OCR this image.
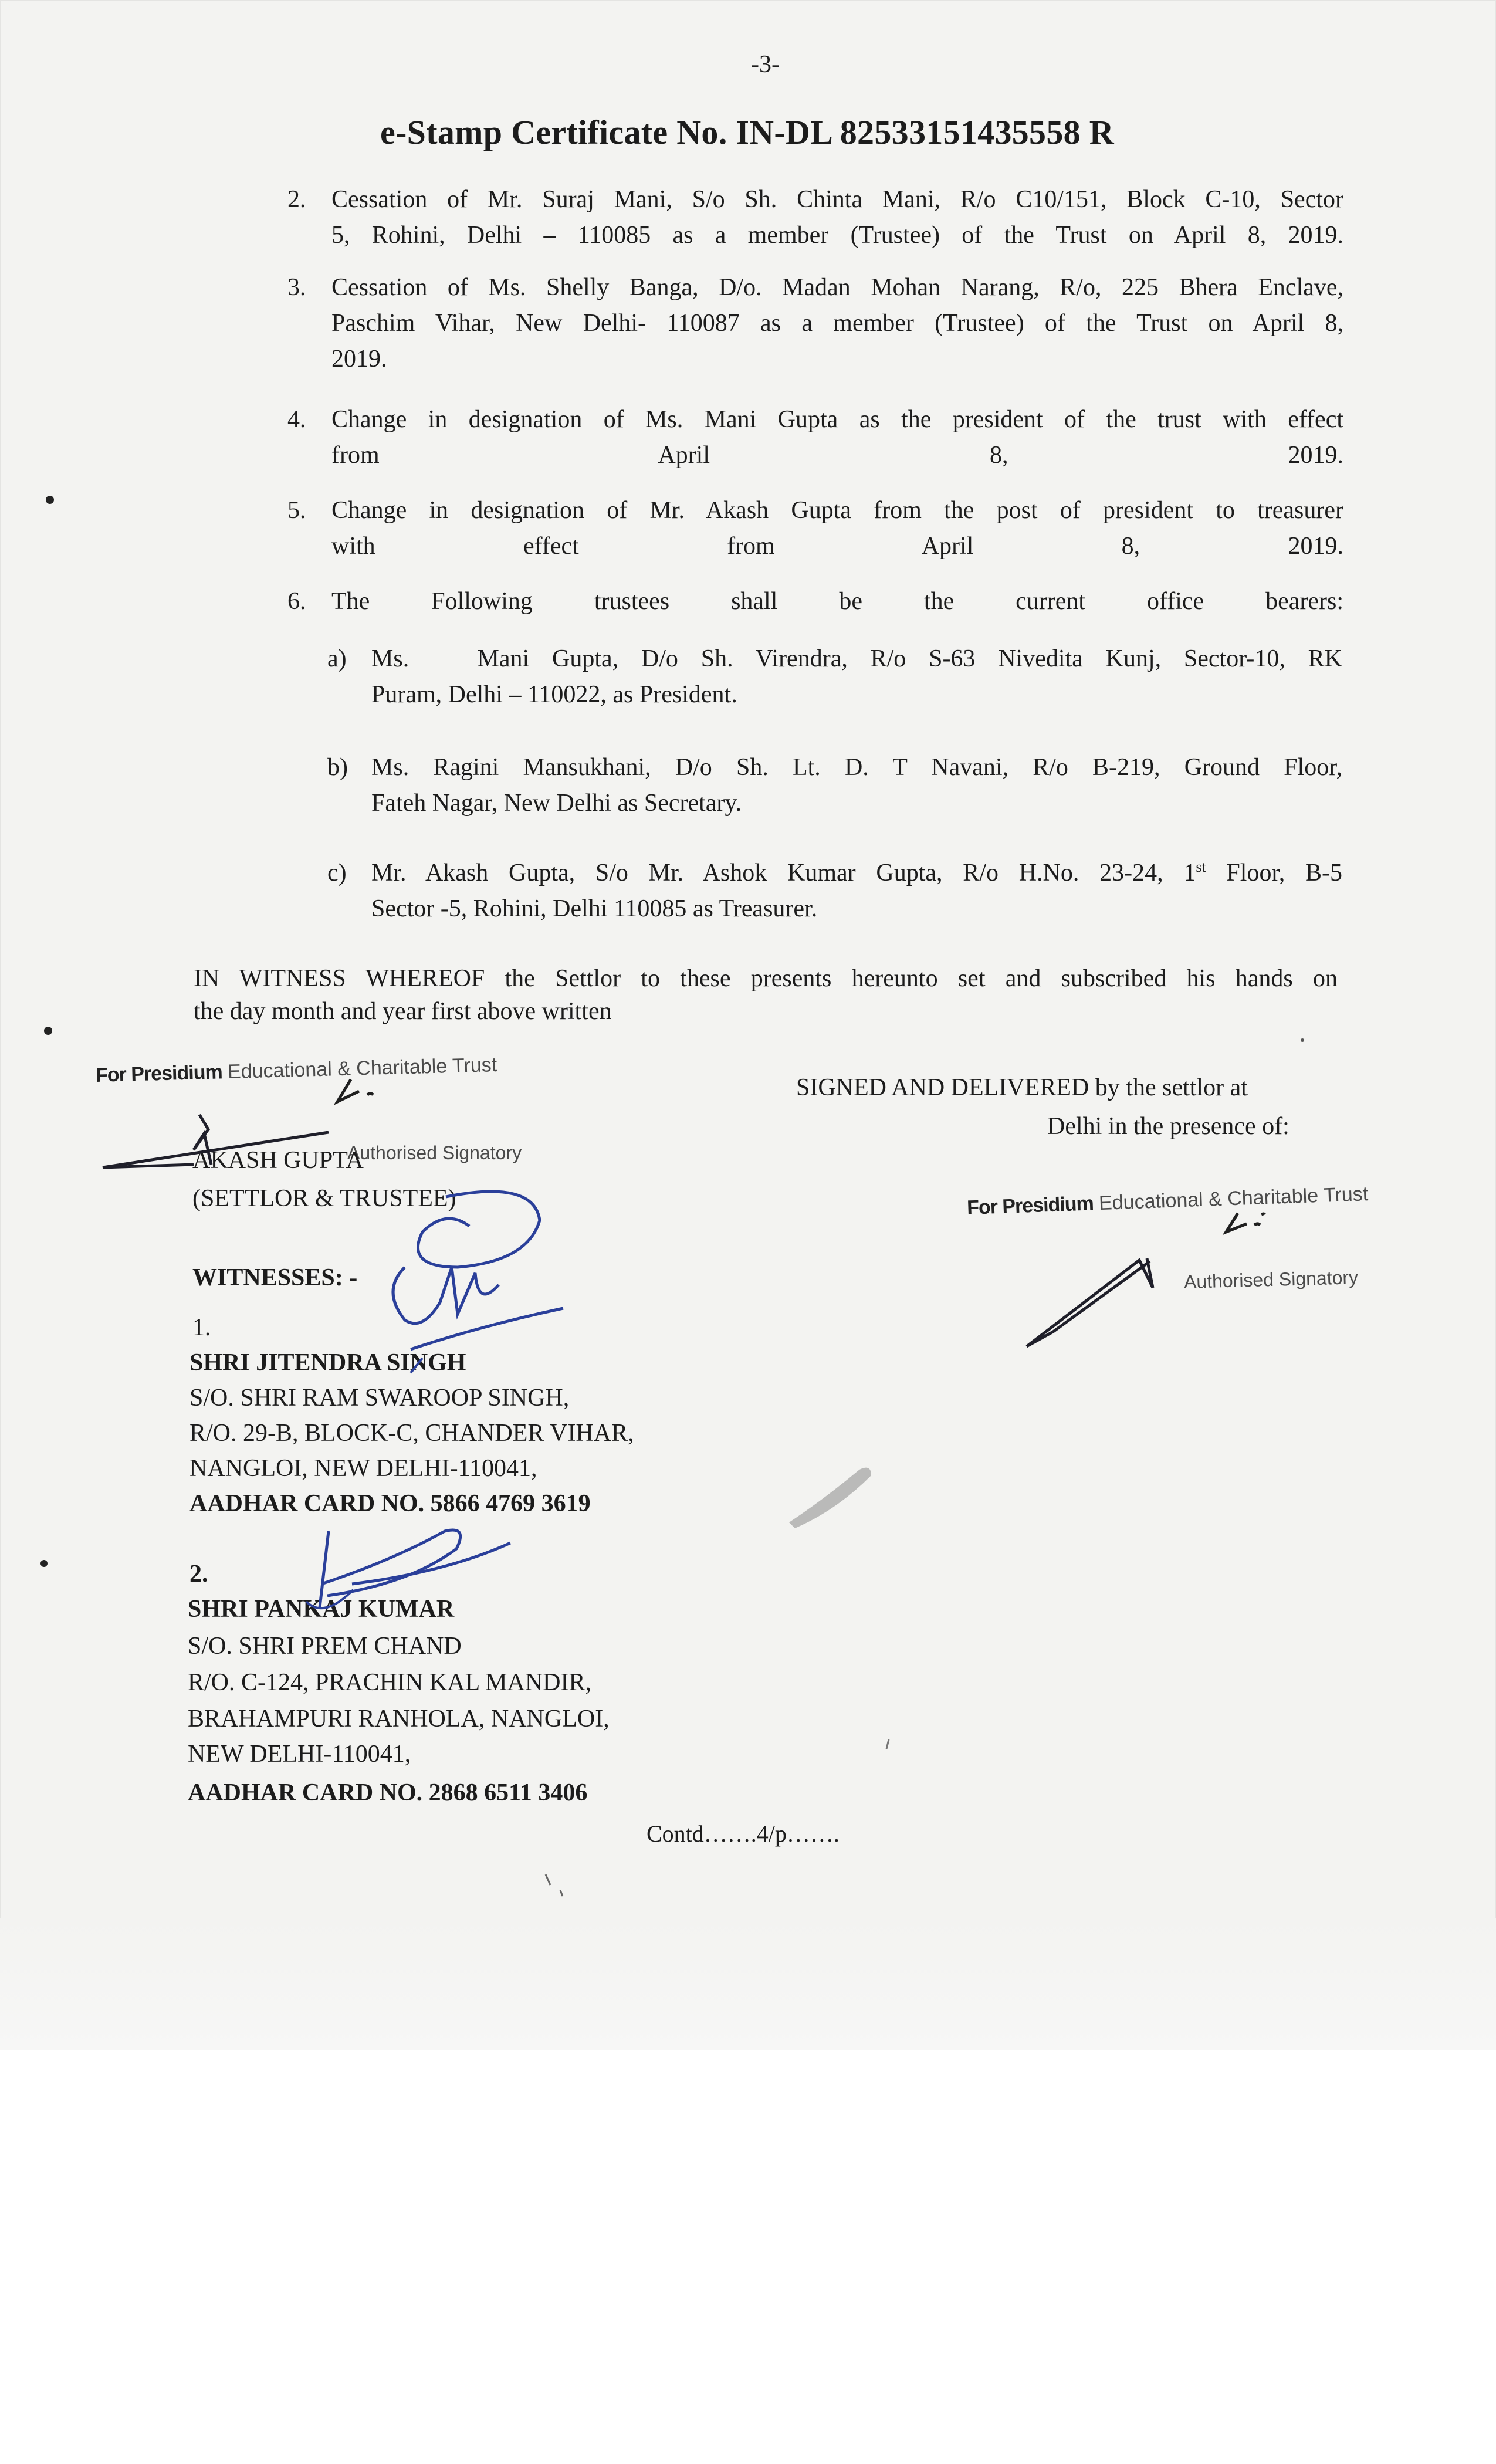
-3-
e-Stamp Certificate No. IN-DL 82533151435558 R
2. Cessation of Mr. Suraj Mani, S/o Sh. Chinta Mani, R/o C10/151, Block C-10, Sector
5, Rohini, Delhi – 110085 as a member (Trustee) of the Trust on April 8, 2019.
3. Cessation of Ms. Shelly Banga, D/o. Madan Mohan Narang, R/o, 225 Bhera Enclave,
Paschim Vihar, New Delhi- 110087 as a member (Trustee) of the Trust on April 8,
2019.
4. Change in designation of Ms. Mani Gupta as the president of the trust with effect
from April 8, 2019.
5. Change in designation of Mr. Akash Gupta from the post of president to treasurer
with effect from April 8, 2019.
6. The Following trustees shall be the current office bearers:
a) Ms.   Mani Gupta, D/o Sh. Virendra, R/o S-63 Nivedita Kunj, Sector-10, RK
Puram, Delhi – 110022, as President.
b) Ms. Ragini Mansukhani, D/o Sh. Lt. D. T Navani, R/o B-219, Ground Floor,
Fateh Nagar, New Delhi as Secretary.
c) Mr. Akash Gupta, S/o Mr. Ashok Kumar Gupta, R/o H.No. 23-24, 1st Floor, B-5
Sector -5, Rohini, Delhi 110085 as Treasurer.
IN WITNESS WHEREOF the Settlor to these presents hereunto set and subscribed his hands on
the day month and year first above written
For Presidium Educational & Charitable Trust
Authorised Signatory
AKASH GUPTA
(SETTLOR & TRUSTEE)
SIGNED AND DELIVERED by the settlor at
Delhi in the presence of:
For Presidium Educational & Charitable Trust
Authorised Signatory
WITNESSES: -
1.
SHRI JITENDRA SINGH
S/O. SHRI RAM SWAROOP SINGH,
R/O. 29-B, BLOCK-C, CHANDER VIHAR,
NANGLOI, NEW DELHI-110041,
AADHAR CARD NO. 5866 4769 3619
2.
SHRI PANKAJ KUMAR
S/O. SHRI PREM CHAND
R/O. C-124, PRACHIN KAL MANDIR,
BRAHAMPURI RANHOLA, NANGLOI,
NEW DELHI-110041,
AADHAR CARD NO. 2868 6511 3406
Contd…….4/p…….
